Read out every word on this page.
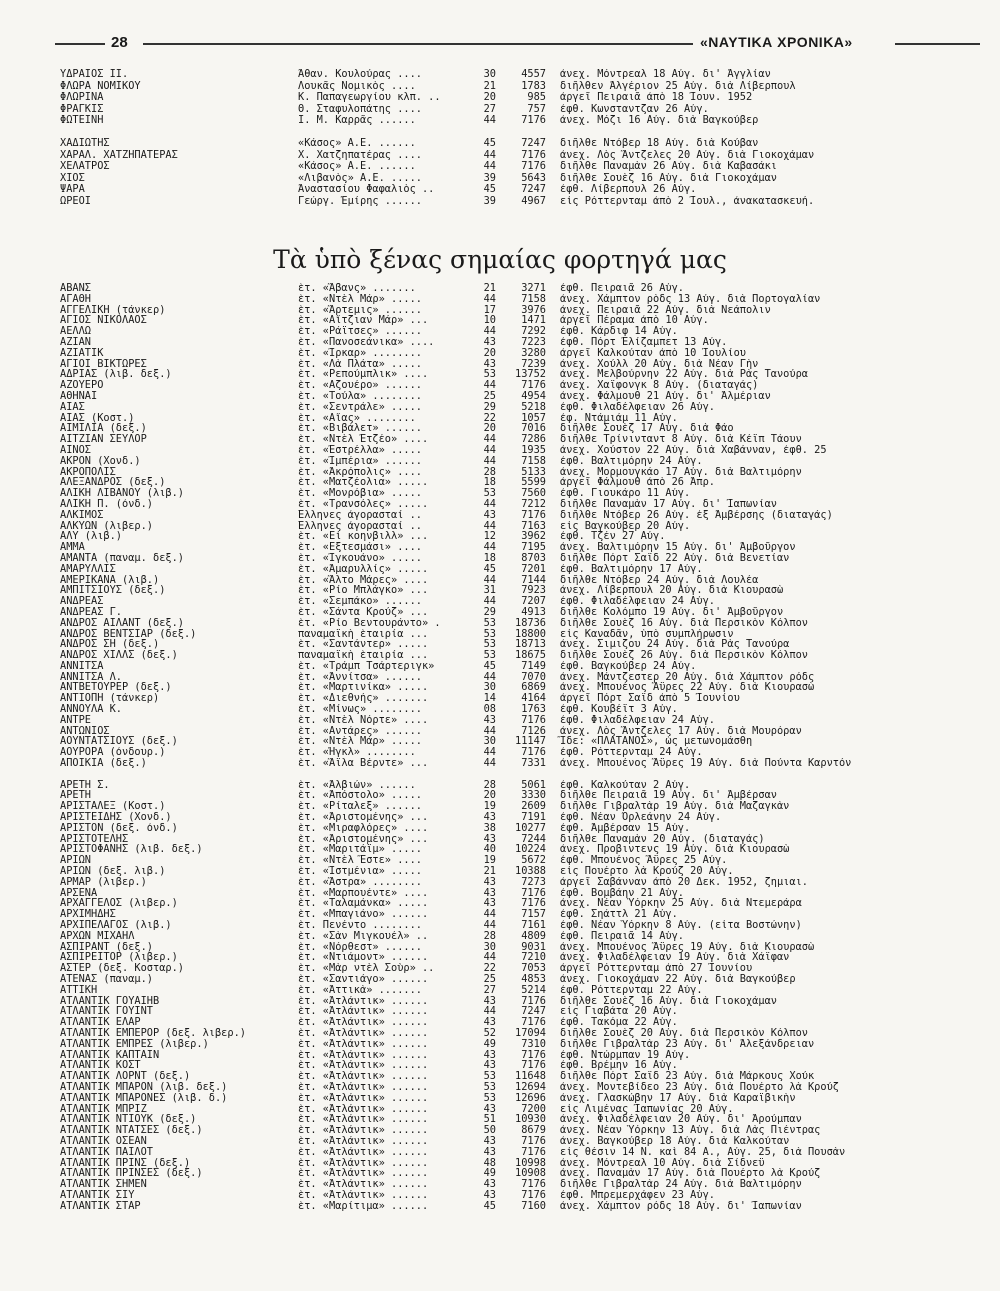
28	«ΝΑΥΤΙΚΑ ΧΡΟΝΙΚΑ»
ΥΔΡΑΙΟΣ ΙΙ.	Ἄθαν. Κουλούρας ....	30	4557	ἀνεχ. Μόντρεαλ 18 Αὐγ. δι' Ἀγγλίαν
ΦΛΩΡΑ ΝΟΜΙΚΟΥ	Λουκᾶς Νομικὸς ....	21	1783	διῆλθεν Ἀλγέριον 25 Αὐγ. διὰ Λίβερπουλ
ΦΛΩΡΙΝΑ	Κ. Παπαγεωργίου κλπ. ..	20	985	ἀργεῖ Πειραιᾶ ἀπὸ 18 Ἰουν. 1952
ΦΡΑΓΚΙΣ	Θ. Σταφυλοπάτης ....	27	757	ἐφθ. Κωνσταντζαν 26 Αὐγ.
ΦΩΤΕΙΝΗ	Ι. Μ. Καρρᾶς ......	44	7176	ἀνεχ. Μόζι 16 Αὐγ. διὰ Βαγκούβερ
ΧΑΔΙΩΤΗΣ	«Κάσος» Α.Ε. ......	45	7247	διῆλθε Ντόβερ 18 Αὐγ. διὰ Κούβαν
ΧΑΡΑΛ. ΧΑΤΖΗΠΑΤΕΡΑΣ	Χ. Χατζηπατέρας ....	44	7176	ἀνεχ. Λὸς Ἄντζελες 20 Αὐγ. διὰ Γιοκοχάμαν
ΧΕΛΑΤΡΟΣ	«Κάσος» Α.Ε. ......	44	7176	διῆλθε Παναμὰν 26 Αὐγ. διὰ Καβασάκι
ΧΙΟΣ	«Λιβανὸς» Α.Ε. .....	39	5643	διῆλθε Σουὲζ 16 Αὐγ. διὰ Γιοκοχάμαν
ΨΑΡΑ	Ἀναστασίου Φαφαλιὸς ..	45	7247	ἐφθ. Λίβερπουλ 26 Αὐγ.
ΩΡΕΟΙ	Γεώργ. Ἐμίρης ......	39	4967	εἰς Ρόττερνταμ ἀπὸ 2 Ἰουλ., ἀνακατασκευή.
Τὰ ὑπὸ ξένας σημαίας φορτηγά μας
ΑΒΑΝΣ	ἑτ. «Ἄβανς» .......	21	3271	ἐφθ. Πειραιᾶ 26 Αὐγ.
ΑΓΑΘΗ	ἑτ. «Ντὲλ Μάρ» .....	44	7158	ἀνεχ. Χάμπτον ρὸδς 13 Αὐγ. διὰ Πορτογαλίαν
ΑΓΓΕΛΙΚΗ (τάνκερ)	ἑτ. «Ἄρτεμις» ......	17	3976	ἀνεχ. Πειραιᾶ 22 Αὐγ. διὰ Νεάπολιν
ΑΓΙΟΣ ΝΙΚΟΛΑΟΣ	ἑτ. «Αἴτζιαν Μάρ» ...	10	1471	ἀργεῖ Πέραμα ἀπὸ 10 Αὐγ.
ΑΕΛΛΩ	ἑτ. «Ράϊτσες» ......	44	7292	ἐφθ. Κάρδιφ 14 Αὐγ.
ΑΖΙΑΝ	ἑτ. «Πανοσεάνικα» ....	43	7223	ἐφθ. Πόρτ Ἐλίζαμπετ 13 Αὐγ.
ΑΖΙΑΤΙΚ	ἑτ. «Ἰρκαρ» ........	20	3280	ἀργεῖ Καλκούταν ἀπὸ 10 Ἰουλίου
ΑΓΙΟΙ ΒΙΚΤΩΡΕΣ	ἑτ. «Λὰ Πλάτα» .....	43	7239	ἀνεχ. Χούλλ 20 Αὐγ. διὰ Νέαν Γὴν
ΑΔΡΙΑΣ (λιβ. δεξ.)	ἑτ. «Ρεπούμπλικ» ....	53	13752	ἀνεχ. Μελβούρνην 22 Αὐγ. διὰ Ρὰς Τανούρα
ΑΖΟΥΕΡΟ	ἑτ. «Αζουέρο» ......	44	7176	ἀνεχ. Χαϊφονγκ 8 Αὐγ. (διαταγάς)
ΑΘΗΝΑΙ	ἑτ. «Τούλα» ........	25	4954	ἀνεχ. Φάλμουθ 21 Αὐγ. δι' Ἀλμέριαν
ΑΙΑΣ	ἑτ. «Σεντράλε» .....	29	5218	ἐφθ. Φιλαδέλφειαν 26 Αὐγ.
ΑΙΑΣ (Κοστ.)	ἑτ. «Αἴας» ........	22	1057	ἐφ. Ντάμιάμ 11 Αὐγ.
ΑΙΜΙΛΙΑ (δεξ.)	ἑτ. «Βιβάλετ» ......	20	7016	διῆλθε Σουὲζ 17 Αὐγ. διὰ Φάο
ΑΙΤΖΙΑΝ ΣΕΥΛΟΡ	ἑτ. «Ντὲλ Ἐτζέο» ....	44	7286	διῆλθε Τρίνινταντ 8 Αὐγ. διὰ Κέϊπ Τάουν
ΑΙΝΟΣ	ἑτ. «Ἐστρέλλα» .....	44	1935	ἀνεχ. Χούστον 22 Αὐγ. διὰ Χαβάνναν, ἐφθ. 25
ΑΚΡΟΝ (Χονδ.)	ἑτ. «Ἰμπέρια» ......	44	7158	ἐφθ. Βαλτιμόρην 24 Αὐγ.
ΑΚΡΟΠΟΛΙΣ	ἑτ. «Ἀκρόπολις» ....	28	5133	ἀνεχ. Μορμουγκάο 17 Αὐγ. διὰ Βαλτιμόρην
ΑΛΕΞΑΝΔΡΟΣ (δεξ.)	ἑτ. «Ματζέολια» .....	18	5599	ἀργεῖ Φάλμουθ ἀπὸ 26 Ἀπρ.
ΑΛΙΚΗ ΛΙΒΑΝΟΥ (λιβ.)	ἑτ. «Μονρόβια» .....	53	7560	ἐφθ. Γιουκάρο 11 Αὐγ.
ΑΛΙΚΗ Π. (ὀνδ.)	ἑτ. «Τρανσόλες» .....	44	7212	διῆλθε Παναμὰν 17 Αὐγ. δι' Ἰαπωνίαν
ΑΛΚΙΜΟΣ	Ἕλληνες ἀγορασταί ..	43	7176	διῆλθε Ντόβερ 26 Αὐγ. ἐξ Ἀμβέρσης (διαταγάς)
ΑΛΚΥΩΝ (λιβερ.)	Ἕλληνες ἀγορασταί ..	44	7163	εἰς Βαγκούβερ 20 Αὐγ.
ΑΛΥ (λιβ.)	ἑτ. «Εἰ κοηνβιλλ» ...	12	3962	ἐφθ. Τζέν 27 Αὐγ.
ΑΜΜΑ	ἑτ. «Εξτεσμάσι» ....	44	7195	ἀνεχ. Βαλτιμόρην 15 Αὐγ. δι' Ἀμβοῦργον
ΑΜΑΝΤΑ (παναμ. δεξ.)	ἑτ. «Ἰγκουάνο» .....	18	8703	διῆλθε Πόρτ Σαΐδ 22 Αὐγ. διὰ Βενετίαν
ΑΜΑΡΥΛΛΙΣ	ἑτ. «Ἀμαρυλλίς» .....	45	7201	ἐφθ. Βαλτιμόρην 17 Αὐγ.
ΑΜΕΡΙΚΑΝΑ (λιβ.)	ἑτ. «Ἄλτο Μάρες» ....	44	7144	διῆλθε Ντόβερ 24 Αὐγ. διὰ Λουλέα
ΑΜΠΙΤΣΙΟΥΣ (δεξ.)	ἑτ. «Ρίο Μπλάγκο» ...	31	7923	ἀνεχ. Λίβερπουλ 20 Αὐγ. διὰ Κιουρασὼ
ΑΝΔΡΕΑΣ	ἑτ. «Σεμπάκο» ......	44	7207	ἐφθ. Φιλαδέλφειαν 24 Αὐγ.
ΑΝΔΡΕΑΣ Γ.	ἑτ. «Σάντα Κρούζ» ...	29	4913	διῆλθε Κολόμπο 19 Αὐγ. δι' Ἀμβοῦργον
ΑΝΔΡΟΣ ΑΙΛΑΝΤ (δεξ.)	ἑτ. «Ρίο Βεντουράντο» .	53	18736	διῆλθε Σουὲζ 16 Αὐγ. διὰ Περσικὸν Κόλπον
ΑΝΔΡΟΣ ΒΕΝΤΣΙΑΡ (δεξ.)	παναμαϊκὴ ἑταιρία ...	53	18800	εἰς Καναδᾶν, ὑπὸ συμπλήρωσιν
ΑΝΔΡΟΣ ΣΗ (δεξ.)	ἑτ. «Σαντάντερ» .....	53	18713	ἀνεχ. Σιμιζου 24 Αὐγ. διὰ Ρὰς Τανούρα
ΑΝΔΡΟΣ ΧΙΛΛΣ (δεξ.)	παναμαϊκὴ ἑταιρία ...	53	18675	διῆλθε Σουὲζ 26 Αὐγ. διὰ Περσικὸν Κόλπον
ΑΝΝΙΤΣΑ	ἑτ. «Τράμπ Τσάρτεριγκ»	45	7149	ἐφθ. Βαγκούβερ 24 Αὐγ.
ΑΝΝΙΤΣΑ Λ.	ἑτ. «Ἀννίτσα» ......	44	7070	ἀνεχ. Μάντζεστερ 20 Αὐγ. διὰ Χάμπτον ρόδς
ΑΝΤΒΕΤΟΥΡΕΡ (δεξ.)	ἑτ. «Μαρτινίκα» .....	30	6869	ἀνεχ. Μπουένος Ἄϋρες 22 Αὐγ. διὰ Κιουρασὼ
ΑΝΤΙΟΠΗ (τάνκερ)	ἑτ. «Διεθνής» .......	14	4164	ἀργεῖ Πόρτ Σαΐδ ἀπὸ 5 Ἰουνίου
ΑΝΝΟΥΛΑ Κ.	ἑτ. «Μίνως» ........	08	1763	ἐφθ. Κουβέϊτ 3 Αὐγ.
ΑΝΤΡΕ	ἑτ. «Ντὲλ Νόρτε» ....	43	7176	ἐφθ. Φιλαδέλφειαν 24 Αὐγ.
ΑΝΤΩΝΙΟΣ	ἑτ. «Αντάρες» ......	44	7126	ἀνεχ. Λὸς Ἄντζελες 17 Αὐγ. διὰ Μουρόραν
ΑΟΥΝΤΑΤΣΙΟΥΣ (δεξ.)	ἑτ. «Ντὲλ Μάρ» .....	30	11147	Ἴδε: «ΠΛΑΤΑΝΟΣ», ὡς μετωνομάσθη
ΑΟΥΡΟΡΑ (ὀνδουρ.)	ἑτ. «Ἠγκλ» ........	44	7176	ἐφθ. Ρόττερνταμ 24 Αὐγ.
ΑΠΟΙΚΙΑ (δεξ.)	ἑτ. «Ἄϊλα Βέρντε» ...	44	7331	ἀνεχ. Μπουένος Ἄϋρες 19 Αὐγ. διὰ Πούντα Καρντόν
ΑΡΕΤΗ Σ.	ἑτ. «Ἀλβιών» ......	28	5061	ἐφθ. Καλκούταν 2 Αὐγ.
ΑΡΕΤΗ	ἑτ. «Ἀπόστολο» .....	20	3330	διῆλθε Πειραιᾶ 19 Αὐγ. δι' Ἀμβέρσαν
ΑΡΙΣΤΑΛΕΞ (Κοστ.)	ἑτ. «Ρίταλεξ» ......	19	2609	διῆλθε Γιβραλτὰρ 19 Αὐγ. διὰ Μαζαγκὰν
ΑΡΙΣΤΕΙΔΗΣ (Χονδ.)	ἑτ. «Ἀριστομένης» ...	43	7191	ἐφθ. Νέαν Ὀρλεάνην 24 Αὐγ.
ΑΡΙΣΤΟΝ (δεξ. ὀνδ.)	ἑτ. «Μιραφλόρες» ....	38	10277	ἐφθ. Ἀμβέρσαν 15 Αὐγ.
ΑΡΙΣΤΟΤΕΛΗΣ	ἑτ. «Ἀριστομένης» ...	43	7244	διῆλθε Παναμὰν 20 Αὐγ. (διαταγάς)
ΑΡΙΣΤΟΦΑΝΗΣ (λιβ. δεξ.)	ἑτ. «Μαριτάϊμ» .....	40	10224	ἀνεχ. Προβιντενς 19 Αὐγ. διὰ Κιουρασὼ
ΑΡΙΩΝ	ἑτ. «Ντὲλ Ἔστε» ....	19	5672	ἐφθ. Μπουένος Ἄϋρες 25 Αὐγ.
ΑΡΙΩΝ (δεξ. λιβ.)	ἑτ. «Ἰστμένια» .....	21	10388	εἰς Πουέρτο λὰ Κρούζ 20 Αὐγ.
ΑΡΜΑΡ (λιβερ.)	ἑτ. «Ἄστρα» ........	43	7273	ἀργεῖ Σαβάνναν ἀπὸ 20 Δεκ. 1952, ζημιαι.
ΑΡΣΕΝΑ	ἑτ. «Μαρπουέντε» ....	43	7176	ἐφθ. Βομβάην 21 Αὐγ.
ΑΡΧΑΓΓΕΛΟΣ (λιβερ.)	ἑτ. «Ταλαμάνκα» .....	43	7176	ἀνεχ. Νέαν Ὑόρκην 25 Αὐγ. διὰ Ντεμεράρα
ΑΡΧΙΜΗΔΗΣ	ἑτ. «Μπαγιάνο» ......	44	7157	ἐφθ. Σηάττλ 21 Αὐγ.
ΑΡΧΙΠΕΛΑΓΟΣ (λιβ.)	ἑτ. Πενέντο ........	44	7161	ἐφθ. Νέαν Ὑόρκην 8 Αὐγ. (εἶτα Βοστώνην)
ΑΡΧΩΝ ΜΙΧΑΗΛ	ἑτ. «Σὰν Μιγκουέλ» ..	28	4809	ἐφθ. Πειραιᾶ 14 Αὐγ.
ΑΣΠΙΡΑΝΤ (δεξ.)	ἑτ. «Νόρθεστ» ......	30	9031	ἀνεχ. Μπουένος Ἄϋρες 19 Αὐγ. διὰ Κιουρασὼ
ΑΣΠΙΡΕΙΤΟΡ (λιβερ.)	ἑτ. «Ντιάμοντ» ......	44	7210	ἀνεχ. Φιλαδέλφειαν 19 Αὐγ. διὰ Χάϊφαν
ΑΣΤΕΡ (δεξ. Κοσταρ.)	ἑτ. «Μὰρ ντὲλ Σοὺρ» ..	22	7053	ἀργεῖ Ρόττερνταμ ἀπὸ 27 Ἰουνίου
ΑΤΕΝΑΣ (παναμ.)	ἑτ. «Σαντιάγο» ......	25	4853	ἀνεχ. Γιοκοχάμαν 22 Αὐγ. διὰ Βαγκούβερ
ΑΤΤΙΚΗ	ἑτ. «Ἀττικὰ» .......	27	5214	ἐφθ. Ρόττερνταμ 22 Αὐγ.
ΑΤΛΑΝΤΙΚ ΓΟΥΑΙΗΒ	ἑτ. «Ἀτλάντικ» ......	43	7176	διῆλθε Σουὲζ 16 Αὐγ. διὰ Γιοκοχάμαν
ΑΤΛΑΝΤΙΚ ΓΟΥΙΝΤ	ἑτ. «Ἀτλάντικ» ......	44	7247	εἰς Γιαβάτα 20 Αὐγ.
ΑΤΛΑΝΤΙΚ ΕΛΑΡ	ἑτ. «Ἀτλάντικ» ......	43	7176	ἐφθ. Τακόμα 22 Αὐγ.
ΑΤΛΑΝΤΙΚ ΕΜΠΕΡΟΡ (δεξ. λιβερ.)	ἑτ. «Ἀτλάντικ» ......	52	17094	διῆλθε Σουὲζ 20 Αὐγ. διὰ Περσικὸν Κόλπον
ΑΤΛΑΝΤΙΚ ΕΜΠΡΕΣ (λιβερ.)	ἑτ. «Ἀτλάντικ» ......	49	7310	διῆλθε Γιβραλτὰρ 23 Αὐγ. δι' Ἀλεξάνδρειαν
ΑΤΛΑΝΤΙΚ ΚΑΠΤΑΙΝ	ἑτ. «Ἀτλάντικ» ......	43	7176	ἐφθ. Ντώρμπαν 19 Αὐγ.
ΑΤΛΑΝΤΙΚ ΚΟΣΤ	ἑτ. «Ἀτλάντικ» ......	43	7176	ἐφθ. Βρέμην 16 Αὐγ.
ΑΤΛΑΝΤΙΚ ΛΟΡΝΤ (δεξ.)	ἑτ. «Ἀτλάντικ» ......	53	11648	διῆλθε Πόρτ Σαΐδ 23 Αὐγ. διὰ Μάρκους Χούκ
ΑΤΛΑΝΤΙΚ ΜΠΑΡΟΝ (λιβ. δεξ.)	ἑτ. «Ἀτλάντικ» ......	53	12694	ἀνεχ. Μοντεβίδεο 23 Αὐγ. διὰ Πουέρτο λὰ Κρούζ
ΑΤΛΑΝΤΙΚ ΜΠΑΡΟΝΕΣ (λιβ. δ.)	ἑτ. «Ἀτλάντικ» ......	53	12696	ἀνεχ. Γλασκώβην 17 Αὐγ. διὰ Καραϊβικὴν
ΑΤΛΑΝΤΙΚ ΜΠΡΙΖ	ἑτ. «Ἀτλάντικ» ......	43	7200	εἰς Λιμένας Ἰαπωνίας 20 Αὐγ.
ΑΤΛΑΝΤΙΚ ΝΤΙΟΥΚ (δεξ.)	ἑτ. «Ἀτλάντικ» ......	51	10930	ἀνεχ. Φιλαδέλφειαν 20 Αὐγ. δι' Ἀρούμπαν
ΑΤΛΑΝΤΙΚ ΝΤΑΤΣΕΣ (δεξ.)	ἑτ. «Ἀτλάντικ» ......	50	8679	ἀνεχ. Νέαν Ὑόρκην 13 Αὐγ. διὰ Λὰς Πιέντρας
ΑΤΛΑΝΤΙΚ ΟΣΕΑΝ	ἑτ. «Ἀτλάντικ» ......	43	7176	ἀνεχ. Βαγκούβερ 18 Αὐγ. διὰ Καλκούταν
ΑΤΛΑΝΤΙΚ ΠΑΙΛΟΤ	ἑτ. «Ἀτλάντικ» ......	43	7176	εἰς θέσιν 14 Ν. καὶ 84 Α., Αὐγ. 25, διὰ Πουσὰν
ΑΤΛΑΝΤΙΚ ΠΡΙΝΣ (δεξ.)	ἑτ. «Ἀτλάντικ» ......	48	10998	ἀνεχ. Μόντρεαλ 10 Αὐγ. διὰ Σίδνεϋ
ΑΤΛΑΝΤΙΚ ΠΡΙΝΣΕΣ (δεξ.)	ἑτ. «Ἀτλάντικ» ......	49	10908	ἀνεχ. Παναμὰν 17 Αὐγ. διὰ Πουέρτο λὰ Κρούζ
ΑΤΛΑΝΤΙΚ ΣΗΜΕΝ	ἑτ. «Ἀτλάντικ» ......	43	7176	διῆλθε Γιβραλτὰρ 24 Αὐγ. διὰ Βαλτιμόρην
ΑΤΛΑΝΤΙΚ ΣΙΥ	ἑτ. «Ἀτλάντικ» ......	43	7176	ἐφθ. Μπρεμερχάφεν 23 Αὐγ.
ΑΤΛΑΝΤΙΚ ΣΤΑΡ	ἑτ. «Μαρίτιμα» ......	45	7160	ἀνεχ. Χάμπτον ρόδς 18 Αὐγ. δι' Ἰαπωνίαν
